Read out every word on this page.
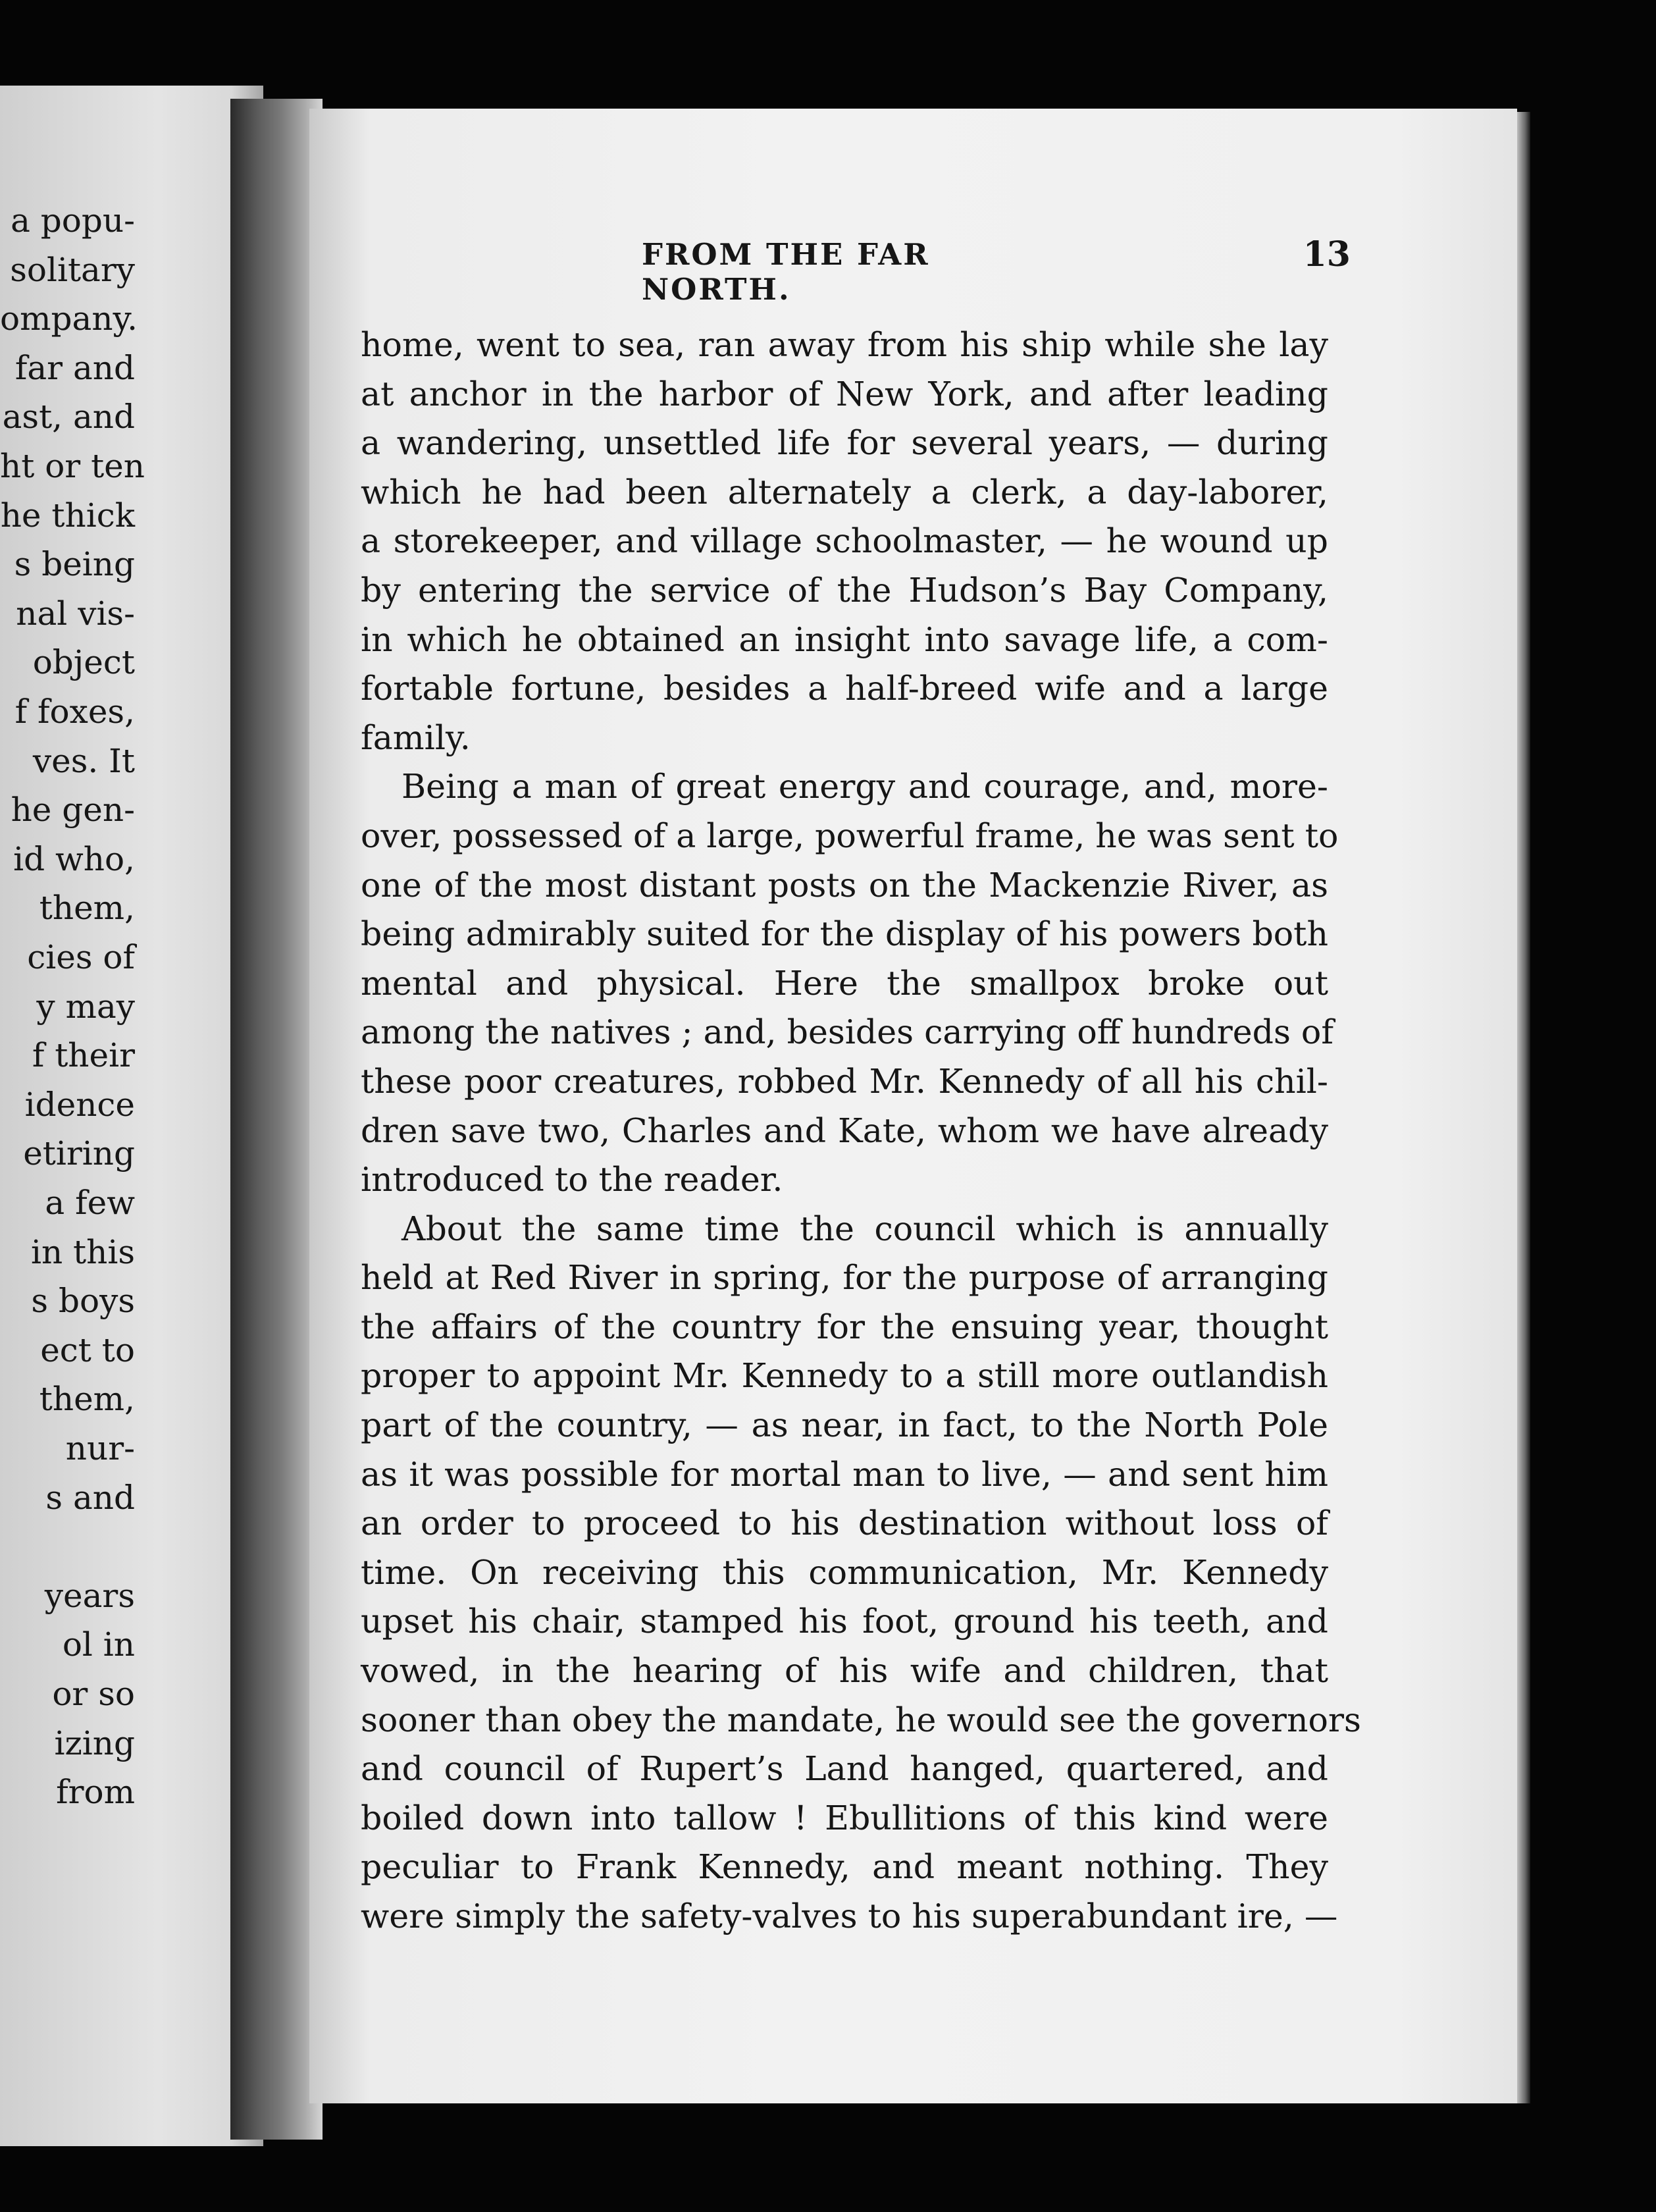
a popu-
solitary
ompany.
far and
ast, and
ht or ten
he thick
s being
nal vis-
object
f foxes,
ves. It
he gen-
id who,
them,
cies of
y may
f their
idence
etiring
a few
in this
s boys
ect to
them,
nur-
s and
years
ol in
or so
izing
from
FROM THE FAR NORTH.
13
home, went to sea, ran away from his ship while she lay
at anchor in the harbor of New York, and after leading
a wandering, unsettled life for several years, — during
which he had been alternately a clerk, a day-laborer,
a storekeeper, and village schoolmaster, — he wound up
by entering the service of the Hudson’s Bay Company,
in which he obtained an insight into savage life, a com-
fortable fortune, besides a half-breed wife and a large
family.
Being a man of great energy and courage, and, more-
over, possessed of a large, powerful frame, he was sent to
one of the most distant posts on the Mackenzie River, as
being admirably suited for the display of his powers both
mental and physical. Here the smallpox broke out
among the natives ; and, besides carrying off hundreds of
these poor creatures, robbed Mr. Kennedy of all his chil-
dren save two, Charles and Kate, whom we have already
introduced to the reader.
About the same time the council which is annually
held at Red River in spring, for the purpose of arranging
the affairs of the country for the ensuing year, thought
proper to appoint Mr. Kennedy to a still more outlandish
part of the country, — as near, in fact, to the North Pole
as it was possible for mortal man to live, — and sent him
an order to proceed to his destination without loss of
time. On receiving this communication, Mr. Kennedy
upset his chair, stamped his foot, ground his teeth, and
vowed, in the hearing of his wife and children, that
sooner than obey the mandate, he would see the governors
and council of Rupert’s Land hanged, quartered, and
boiled down into tallow ! Ebullitions of this kind were
peculiar to Frank Kennedy, and meant nothing. They
were simply the safety-valves to his superabundant ire, —
